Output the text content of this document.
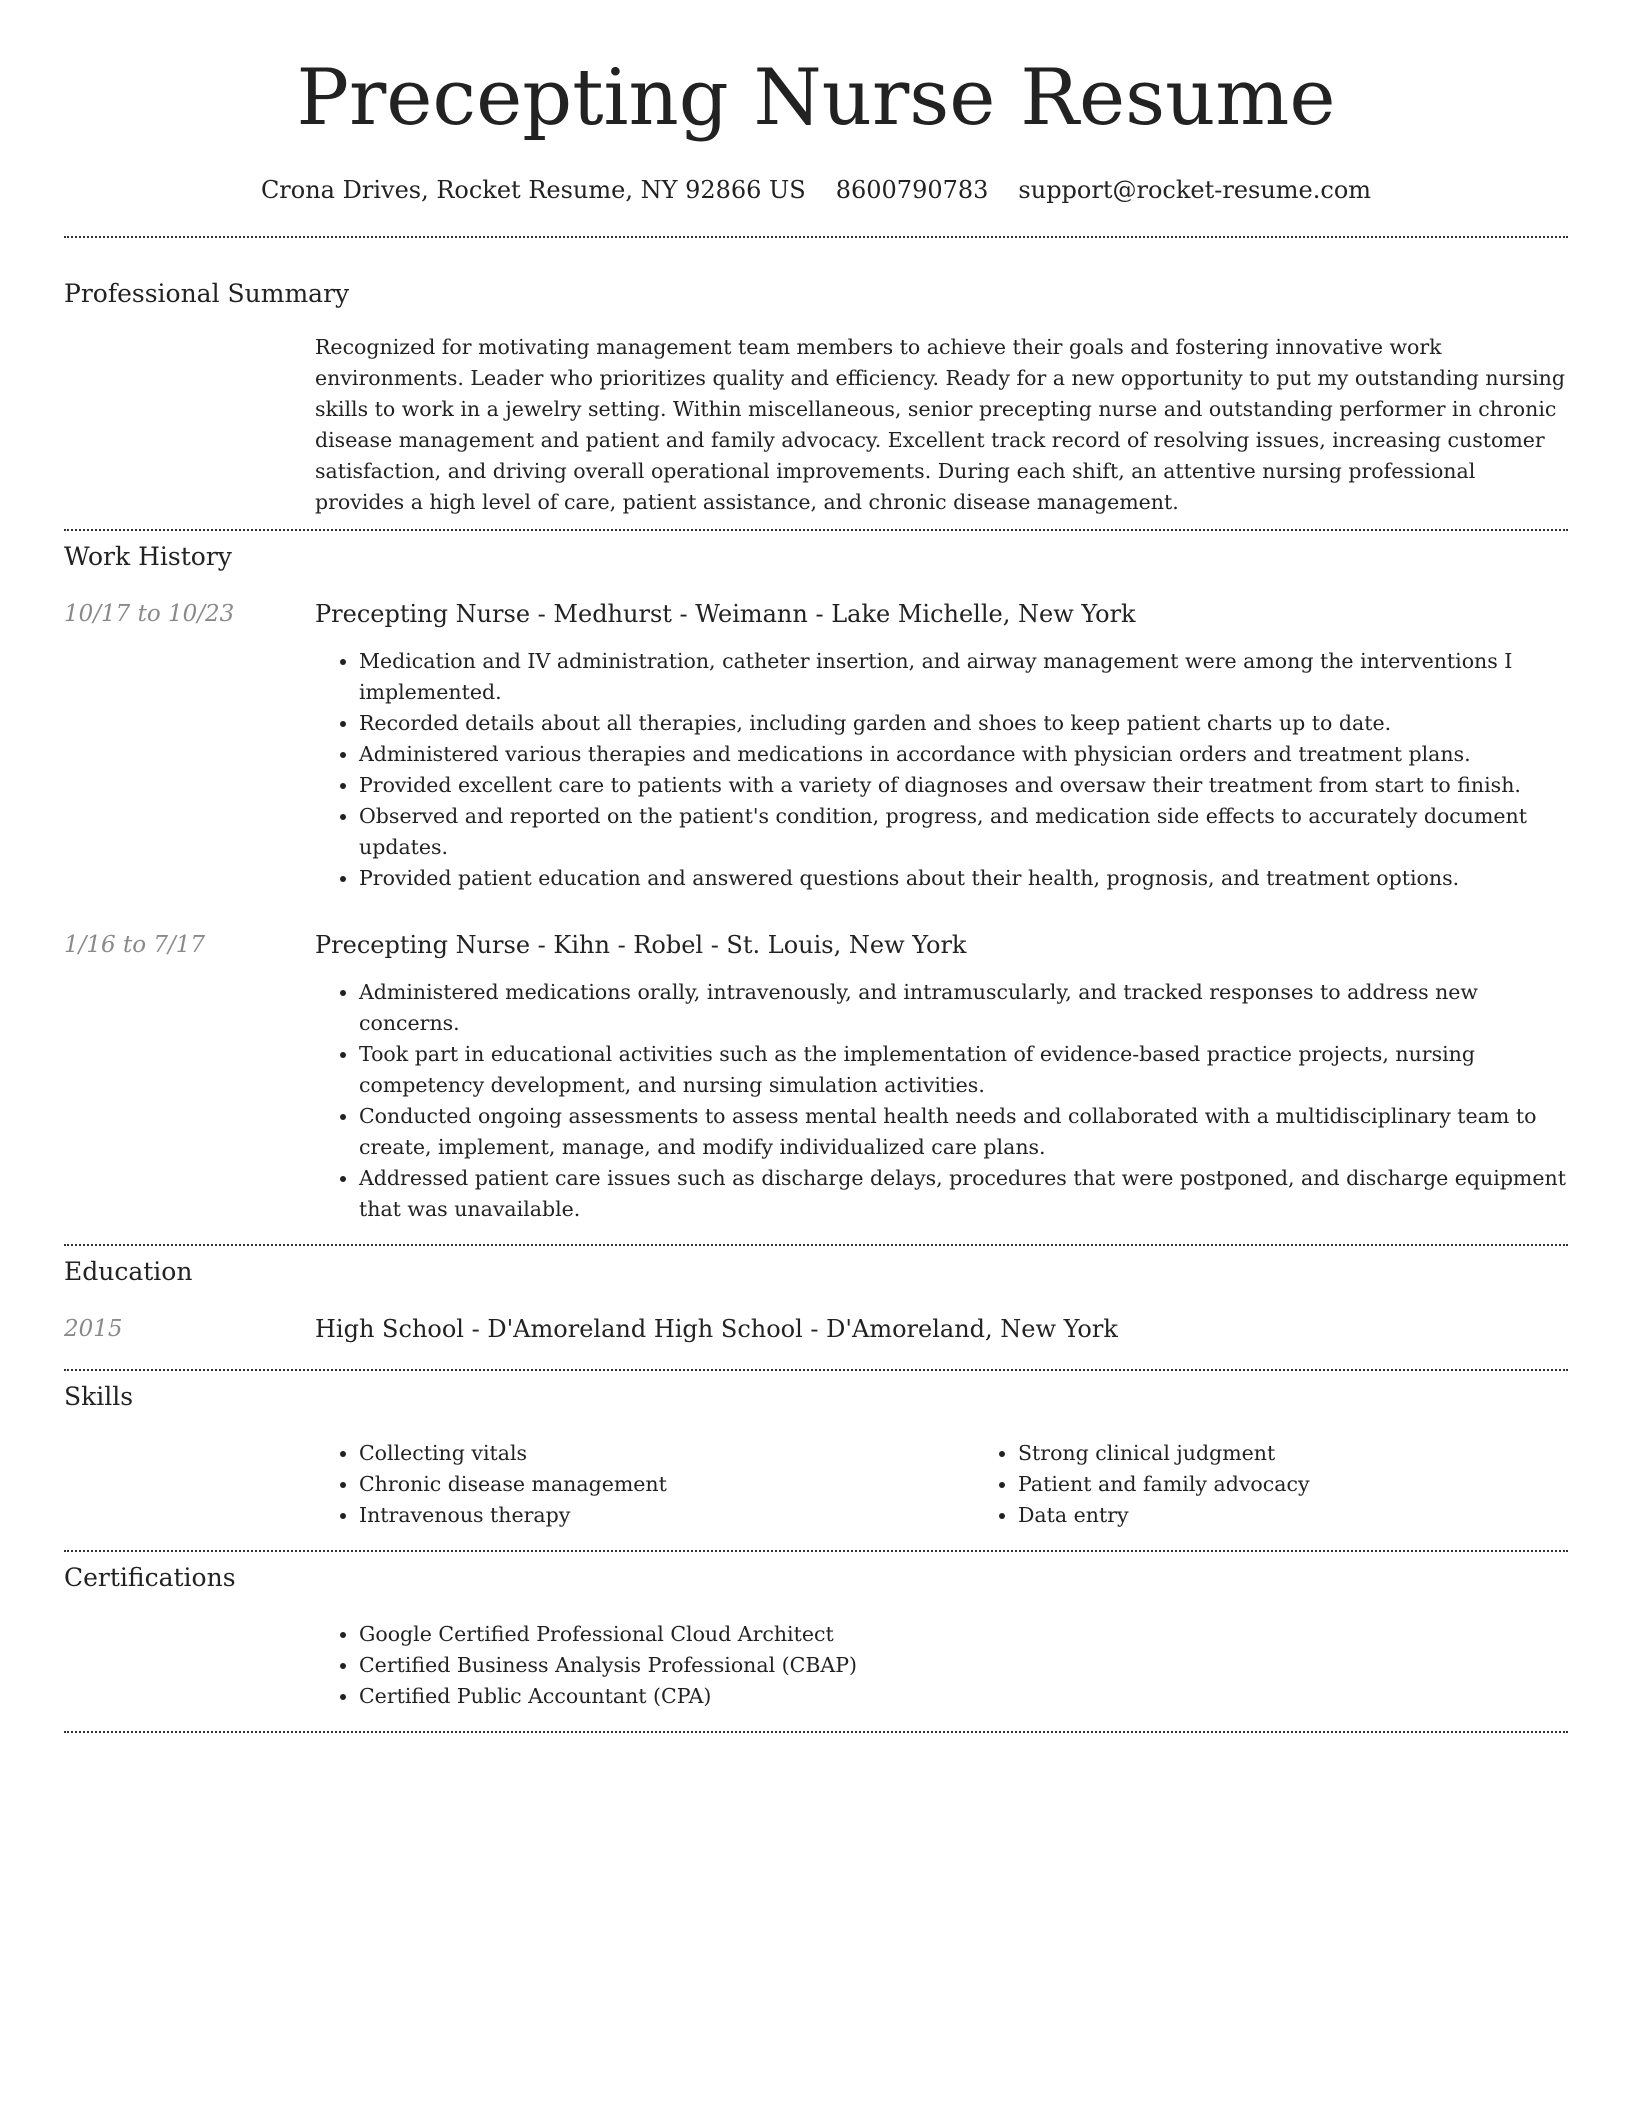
Precepting Nurse Resume
Crona Drives, Rocket Resume, NY 92866 US 8600790783 support@rocket-resume.com
Professional Summary

Recognized for motivating management team members to achieve their goals and fostering innovative work environments. Leader who prioritizes quality and efficiency. Ready for a new opportunity to put my outstanding nursing skills to work in a jewelry setting. Within miscellaneous, senior precepting nurse and outstanding performer in chronic disease management and patient and family advocacy. Excellent track record of resolving issues, increasing customer satisfaction, and driving overall operational improvements. During each shift, an attentive nursing professional provides a high level of care, patient assistance, and chronic disease management.

Work History
10/17 to 10/23	Precepting Nurse - Medhurst - Weimann - Lake Michelle, New York
• Medication and IV administration, catheter insertion, and airway management were among the interventions I implemented.
• Recorded details about all therapies, including garden and shoes to keep patient charts up to date.
• Administered various therapies and medications in accordance with physician orders and treatment plans.
• Provided excellent care to patients with a variety of diagnoses and oversaw their treatment from start to finish.
• Observed and reported on the patient's condition, progress, and medication side effects to accurately document updates.
• Provided patient education and answered questions about their health, prognosis, and treatment options.
1/16 to 7/17	Precepting Nurse - Kihn - Robel - St. Louis, New York
• Administered medications orally, intravenously, and intramuscularly, and tracked responses to address new concerns.
• Took part in educational activities such as the implementation of evidence-based practice projects, nursing competency development, and nursing simulation activities.
• Conducted ongoing assessments to assess mental health needs and collaborated with a multidisciplinary team to create, implement, manage, and modify individualized care plans.
• Addressed patient care issues such as discharge delays, procedures that were postponed, and discharge equipment that was unavailable.
Education
2015	High School - D'Amoreland High School - D'Amoreland, New York
Skills
• Collecting vitals
• Chronic disease management
• Intravenous therapy
• Strong clinical judgment
• Patient and family advocacy
• Data entry
Certifications
• Google Certified Professional Cloud Architect
• Certified Business Analysis Professional (CBAP)
• Certified Public Accountant (CPA)
